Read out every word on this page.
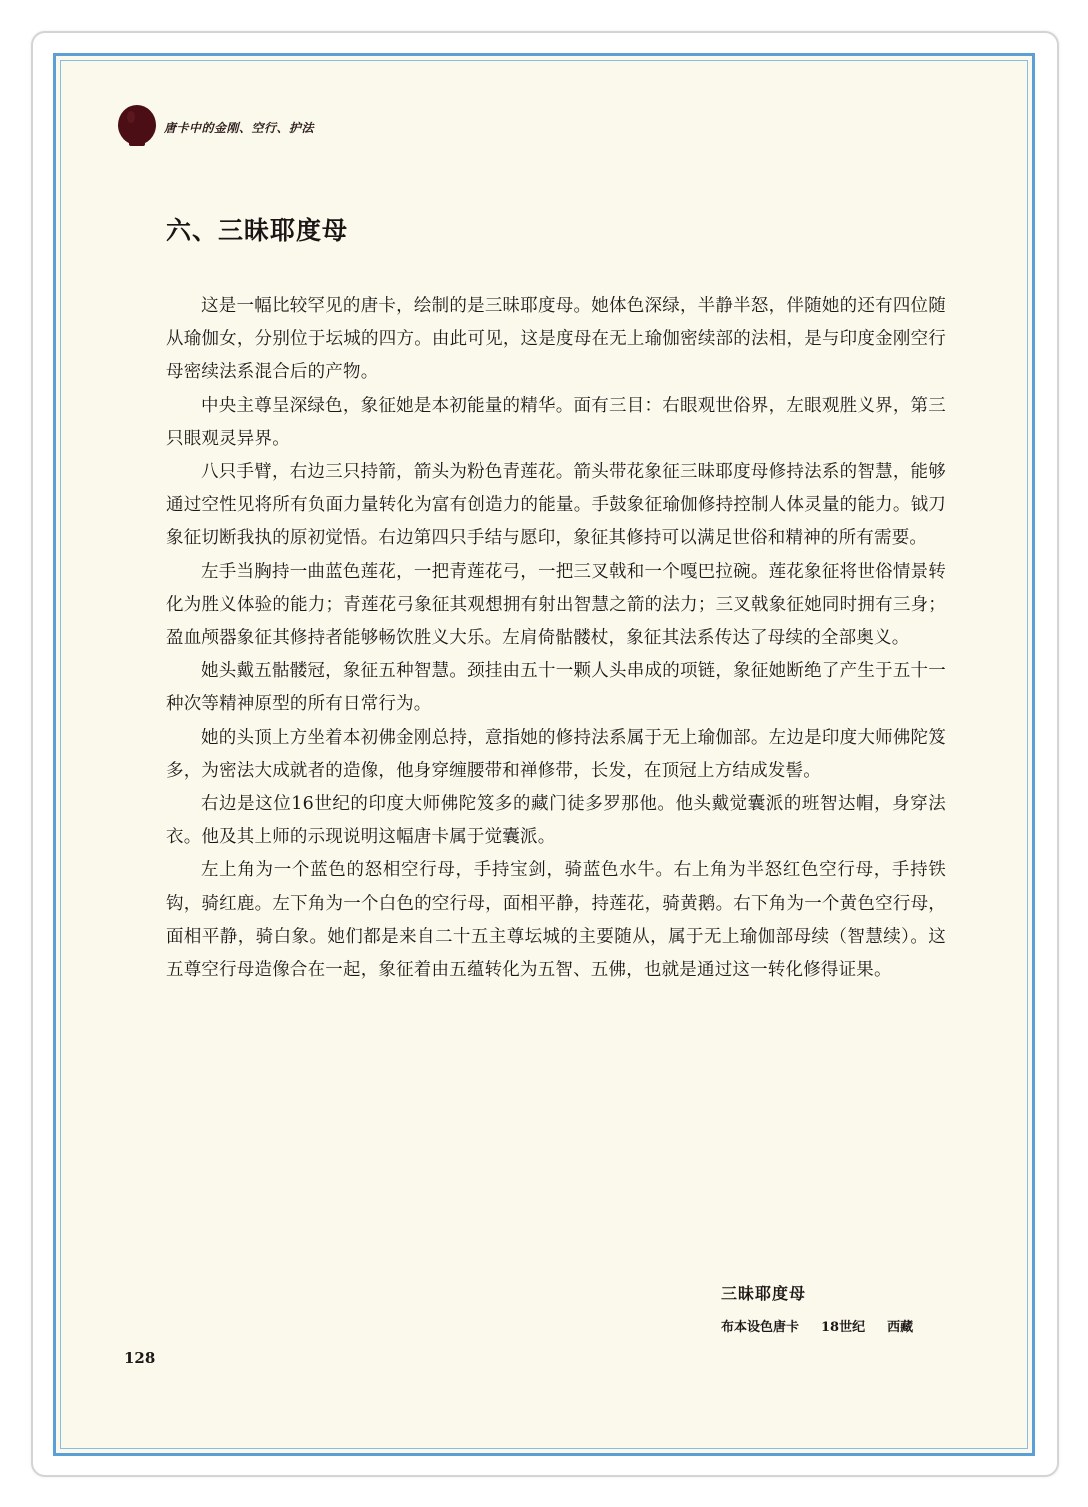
唐卡中的金刚、空行、护法
六、三昧耶度母

这是一幅比较罕见的唐卡，绘制的是三昧耶度母。她体色深绿，半静半怒，伴随她的还有四位随从瑜伽女，分别位于坛城的四方。由此可见，这是度母在无上瑜伽密续部的法相，是与印度金刚空行母密续法系混合后的产物。

中央主尊呈深绿色，象征她是本初能量的精华。面有三目：右眼观世俗界，左眼观胜义界，第三只眼观灵异界。

八只手臂，右边三只持箭，箭头为粉色青莲花。箭头带花象征三昧耶度母修持法系的智慧，能够通过空性见将所有负面力量转化为富有创造力的能量。手鼓象征瑜伽修持控制人体灵量的能力。钺刀象征切断我执的原初觉悟。右边第四只手结与愿印，象征其修持可以满足世俗和精神的所有需要。

左手当胸持一曲蓝色莲花，一把青莲花弓，一把三叉戟和一个嘎巴拉碗。莲花象征将世俗情景转化为胜义体验的能力；青莲花弓象征其观想拥有射出智慧之箭的法力；三叉戟象征她同时拥有三身；盈血颅器象征其修持者能够畅饮胜义大乐。左肩倚骷髅杖，象征其法系传达了母续的全部奥义。

她头戴五骷髅冠，象征五种智慧。颈挂由五十一颗人头串成的项链，象征她断绝了产生于五十一种次等精神原型的所有日常行为。

她的头顶上方坐着本初佛金刚总持，意指她的修持法系属于无上瑜伽部。左边是印度大师佛陀笈多，为密法大成就者的造像，他身穿缠腰带和禅修带，长发，在顶冠上方结成发髻。

右边是这位16世纪的印度大师佛陀笈多的藏门徒多罗那他。他头戴觉囊派的班智达帽，身穿法衣。他及其上师的示现说明这幅唐卡属于觉囊派。

左上角为一个蓝色的怒相空行母，手持宝剑，骑蓝色水牛。右上角为半怒红色空行母，手持铁钩，骑红鹿。左下角为一个白色的空行母，面相平静，持莲花，骑黄鹅。右下角为一个黄色空行母，面相平静，骑白象。她们都是来自二十五主尊坛城的主要随从，属于无上瑜伽部母续（智慧续）。这五尊空行母造像合在一起，象征着由五蕴转化为五智、五佛，也就是通过这一转化修得证果。

三昧耶度母
布本设色唐卡 18世纪 西藏
128
